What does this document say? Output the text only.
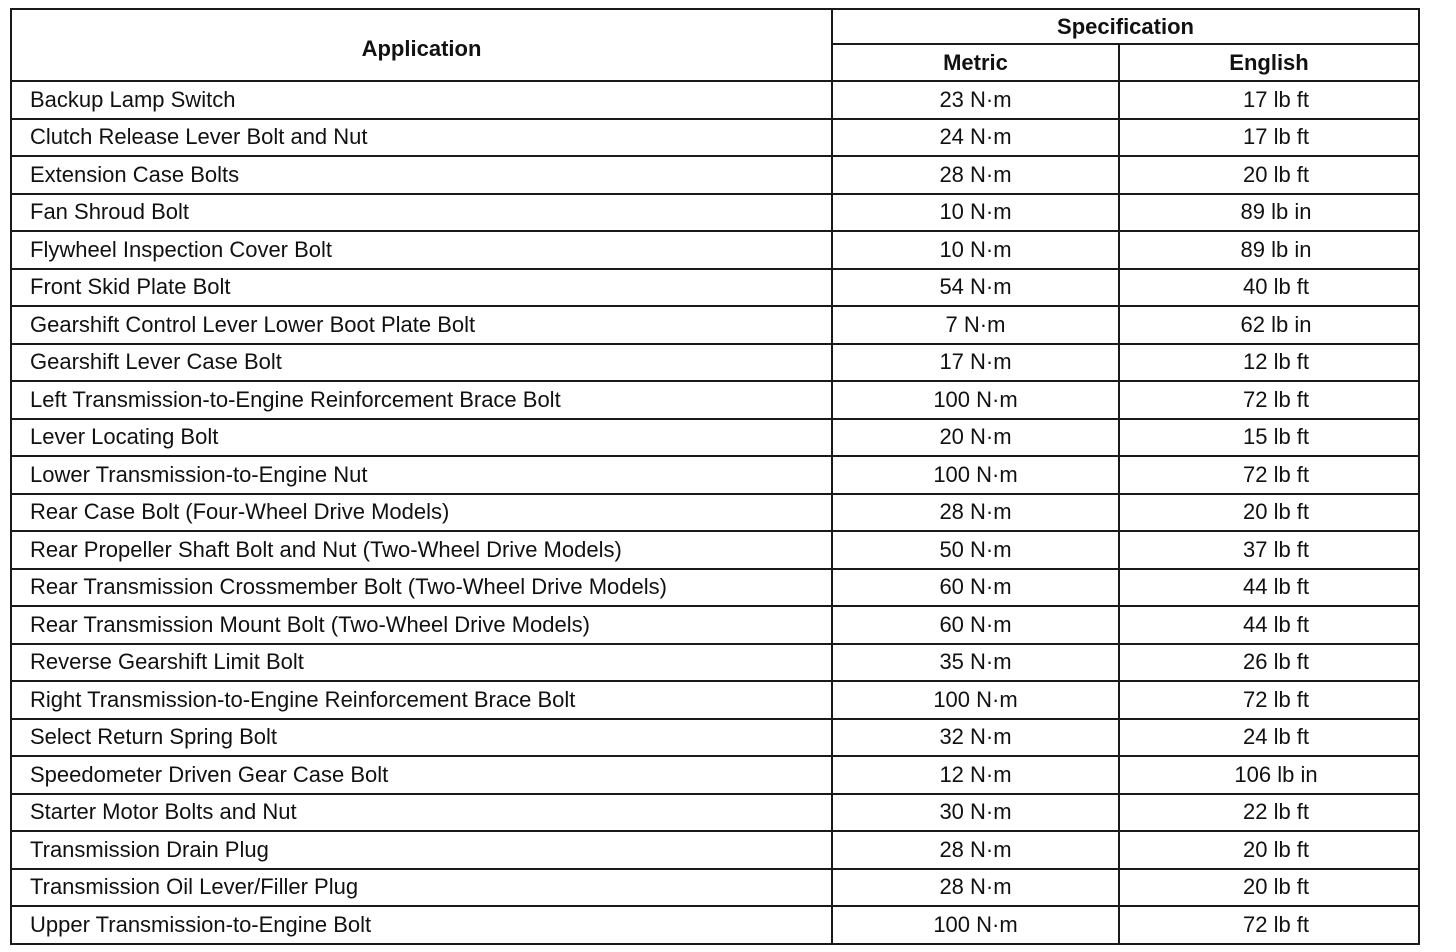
Application	Specification	
	Metric	English
Backup Lamp Switch	23 N·m	17 lb ft
Clutch Release Lever Bolt and Nut	24 N·m	17 lb ft
Extension Case Bolts	28 N·m	20 lb ft
Fan Shroud Bolt	10 N·m	89 lb in
Flywheel Inspection Cover Bolt	10 N·m	89 lb in
Front Skid Plate Bolt	54 N·m	40 lb ft
Gearshift Control Lever Lower Boot Plate Bolt	7 N·m	62 lb in
Gearshift Lever Case Bolt	17 N·m	12 lb ft
Left Transmission-to-Engine Reinforcement Brace Bolt	100 N·m	72 lb ft
Lever Locating Bolt	20 N·m	15 lb ft
Lower Transmission-to-Engine Nut	100 N·m	72 lb ft
Rear Case Bolt (Four-Wheel Drive Models)	28 N·m	20 lb ft
Rear Propeller Shaft Bolt and Nut (Two-Wheel Drive Models)	50 N·m	37 lb ft
Rear Transmission Crossmember Bolt (Two-Wheel Drive Models)	60 N·m	44 lb ft
Rear Transmission Mount Bolt (Two-Wheel Drive Models)	60 N·m	44 lb ft
Reverse Gearshift Limit Bolt	35 N·m	26 lb ft
Right Transmission-to-Engine Reinforcement Brace Bolt	100 N·m	72 lb ft
Select Return Spring Bolt	32 N·m	24 lb ft
Speedometer Driven Gear Case Bolt	12 N·m	106 lb in
Starter Motor Bolts and Nut	30 N·m	22 lb ft
Transmission Drain Plug	28 N·m	20 lb ft
Transmission Oil Lever/Filler Plug	28 N·m	20 lb ft
Upper Transmission-to-Engine Bolt	100 N·m	72 lb ft
